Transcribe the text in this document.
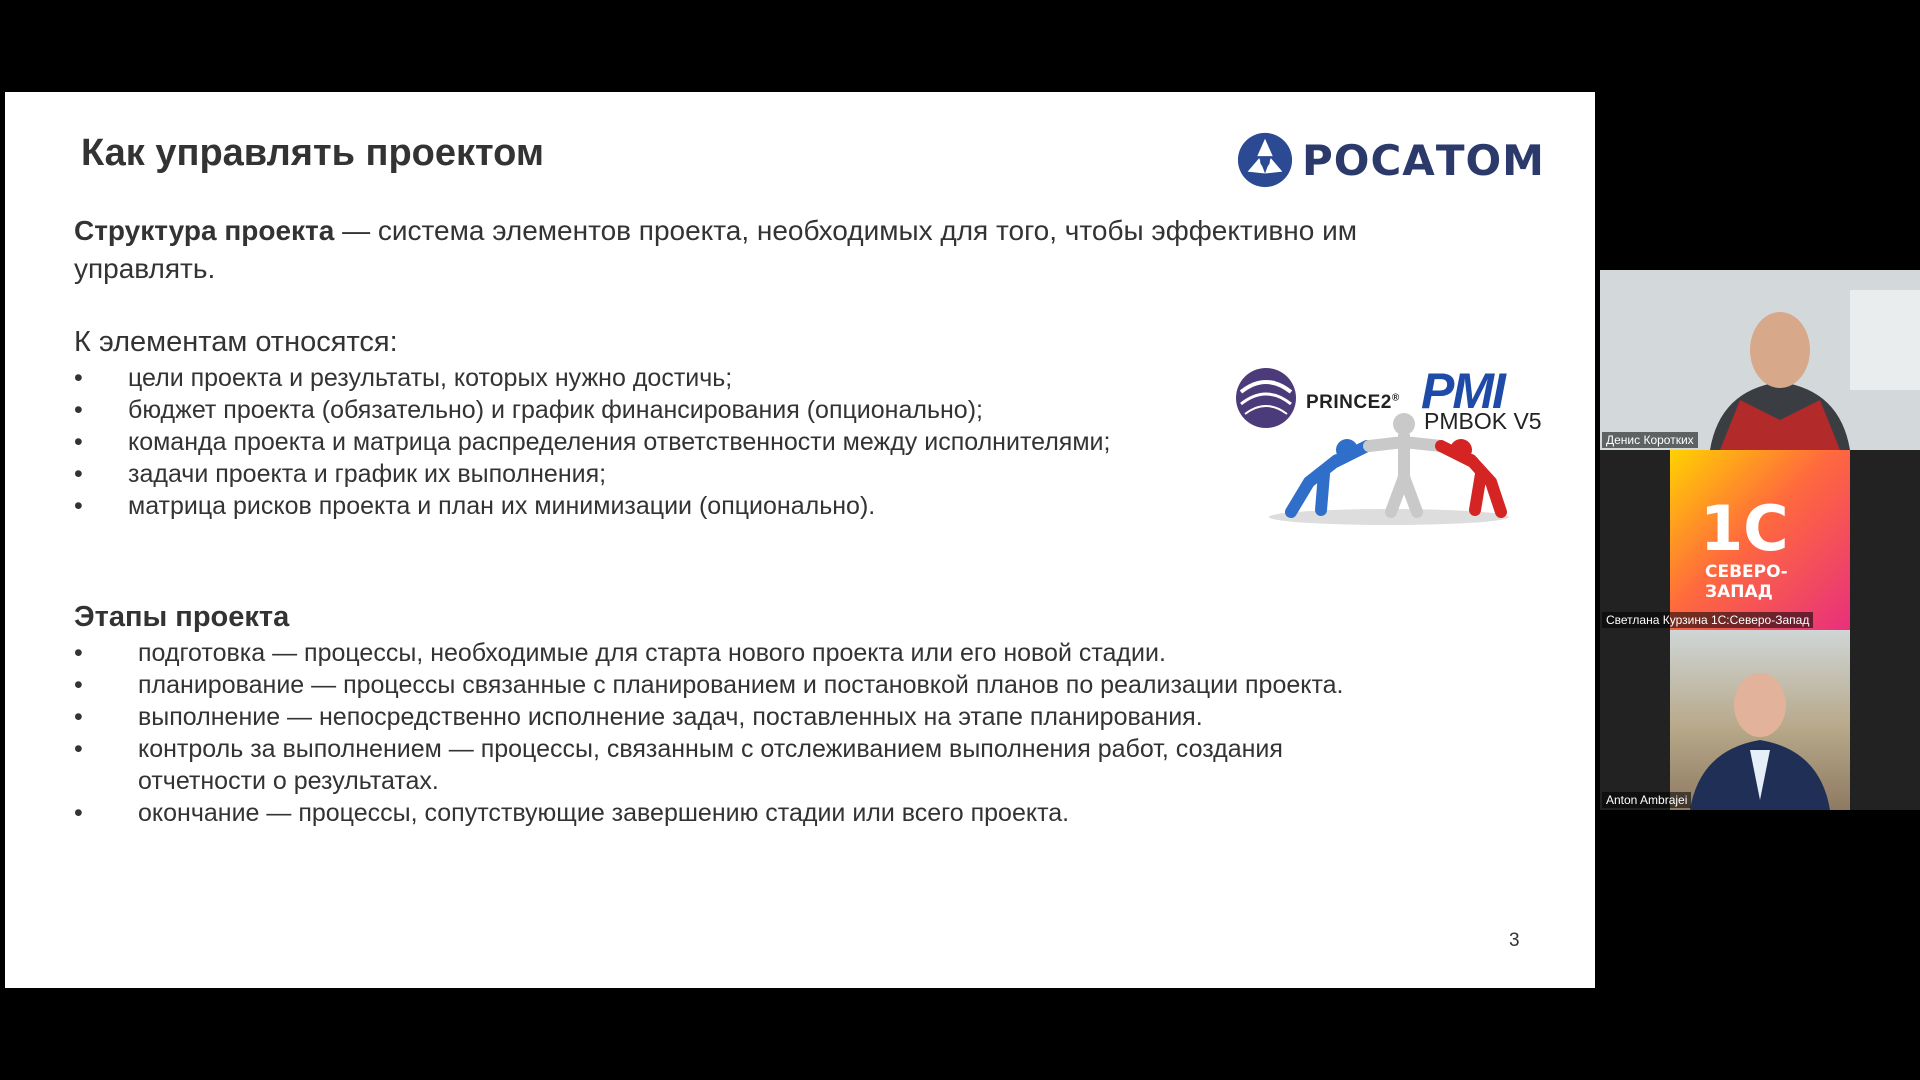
Как управлять проектом	РОСАТОМ
Структура проекта — система элементов проекта, необходимых для того, чтобы эффективно им управлять.
К элементам относятся:
• цели проекта и результаты, которых нужно достичь;
• бюджет проекта (обязательно) и график финансирования (опционально);
• команда проекта и матрица распределения ответственности между исполнителями;
• задачи проекта и график их выполнения;
• матрица рисков проекта и план их минимизации (опционально).
PRINCE2® PMI
PMBOK V5
Этапы проекта
• подготовка — процессы, необходимые для старта нового проекта или его новой стадии.
• планирование — процессы связанные с планированием и постановкой планов по реализации проекта.
• выполнение — непосредственно исполнение задач, поставленных на этапе планирования.
• контроль за выполнением — процессы, связанным с отслеживанием выполнения работ, создания отчетности о результатах.
• окончание — процессы, сопутствующие завершению стадии или всего проекта.
3
Денис Коротких
1С
СЕВЕРО-ЗАПАД
Светлана Курзина 1С:Северо-Запад
Anton Ambrajei
